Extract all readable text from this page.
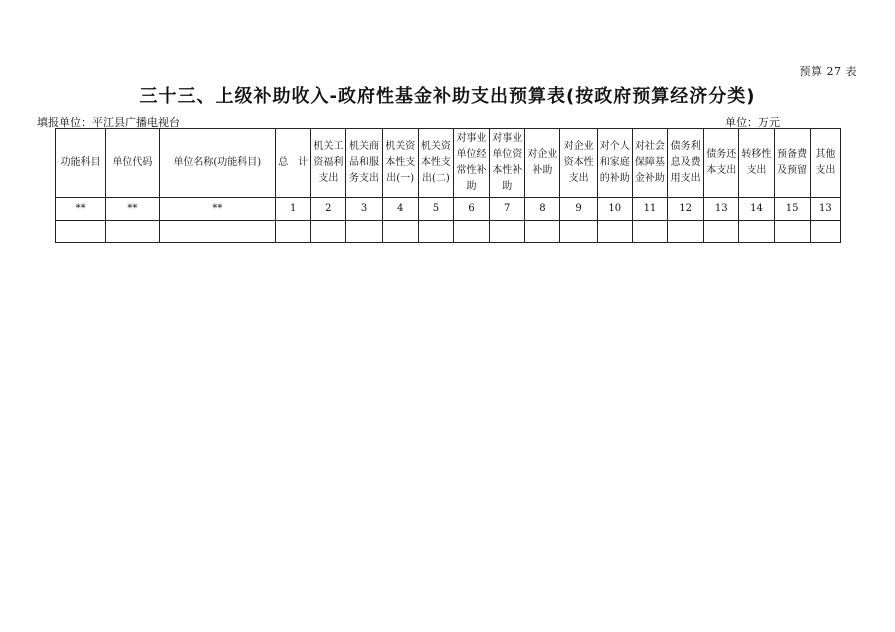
预算 27 表
三十三、上级补助收入-政府性基金补助支出预算表(按政府预算经济分类)
填报单位：平江县广播电视台	单位：万元
功能科目	单位代码	单位名称(功能科目)	总　计	机关工资福利支出	机关商品和服务支出	机关资本性支出(一)	机关资本性支出(二)	对事业单位经常性补助	对事业单位资本性补助	对企业补助	对企业资本性支出	对个人和家庭的补助	对社会保障基金补助	债务利息及费用支出	债务还本支出	转移性支出	预备费及预留	其他支出

**	**	**	1	2	3	4	5	6	7	8	9	10	11	12	13	14	15	13
